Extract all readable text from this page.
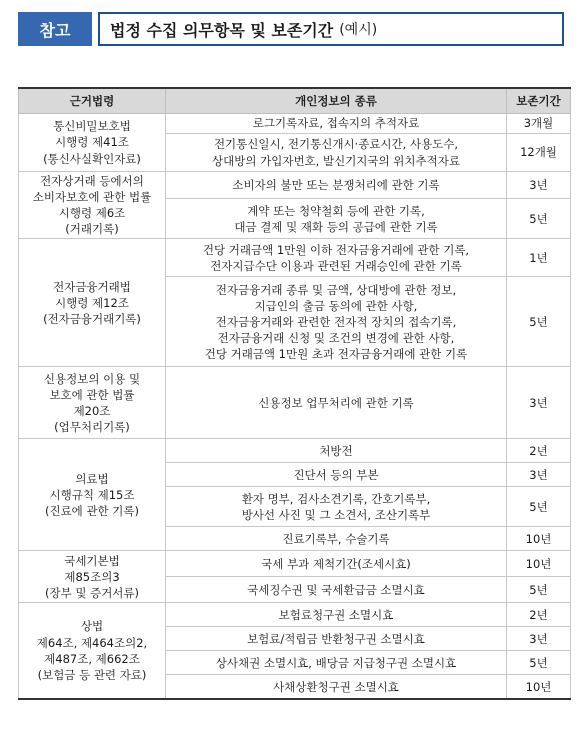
참고	법정 수집 의무항목 및 보존기간 (예시)
근거법령	개인정보의 종류	보존기간
통신비밀보호법
시행령 제41조
(통신사실확인자료)	로그기록자료, 접속지의 추적자료	3개월
	전기통신일시, 전기통신개시·종료시간, 사용도수,
상대방의 가입자번호, 발신기지국의 위치추적자료	12개월
전자상거래 등에서의
소비자보호에 관한 법률
시행령 제6조
(거래기록)	소비자의 불만 또는 분쟁처리에 관한 기록	3년
	계약 또는 청약철회 등에 관한 기록,
대금 결제 및 재화 등의 공급에 관한 기록	5년
전자금융거래법
시행령 제12조
(전자금융거래기록)	건당 거래금액 1만원 이하 전자금융거래에 관한 기록,
전자지급수단 이용과 관련된 거래승인에 관한 기록	1년
	전자금융거래 종류 및 금액, 상대방에 관한 정보,
지급인의 출금 동의에 관한 사항,
전자금융거래와 관련한 전자적 장치의 접속기록,
전자금융거래 신청 및 조건의 변경에 관한 사항,
건당 거래금액 1만원 초과 전자금융거래에 관한 기록	5년
신용정보의 이용 및
보호에 관한 법률
제20조
(업무처리기록)	신용정보 업무처리에 관한 기록	3년
의료법
시행규칙 제15조
(진료에 관한 기록)	처방전	2년
	진단서 등의 부본	3년
	환자 명부, 검사소견기록, 간호기록부,
방사선 사진 및 그 소견서, 조산기록부	5년
	진료기록부, 수술기록	10년
국세기본법
제85조의3
(장부 및 증거서류)	국세 부과 제척기간(조세시효)	10년
	국세징수권 및 국세환급금 소멸시효	5년
상법
제64조, 제464조의2,
제487조, 제662조
(보험금 등 관련 자료)	보험료청구권 소멸시효	2년
	보험료/적립금 반환청구권 소멸시효	3년
	상사채권 소멸시효, 배당금 지급청구권 소멸시효	5년
	사채상환청구권 소멸시효	10년
